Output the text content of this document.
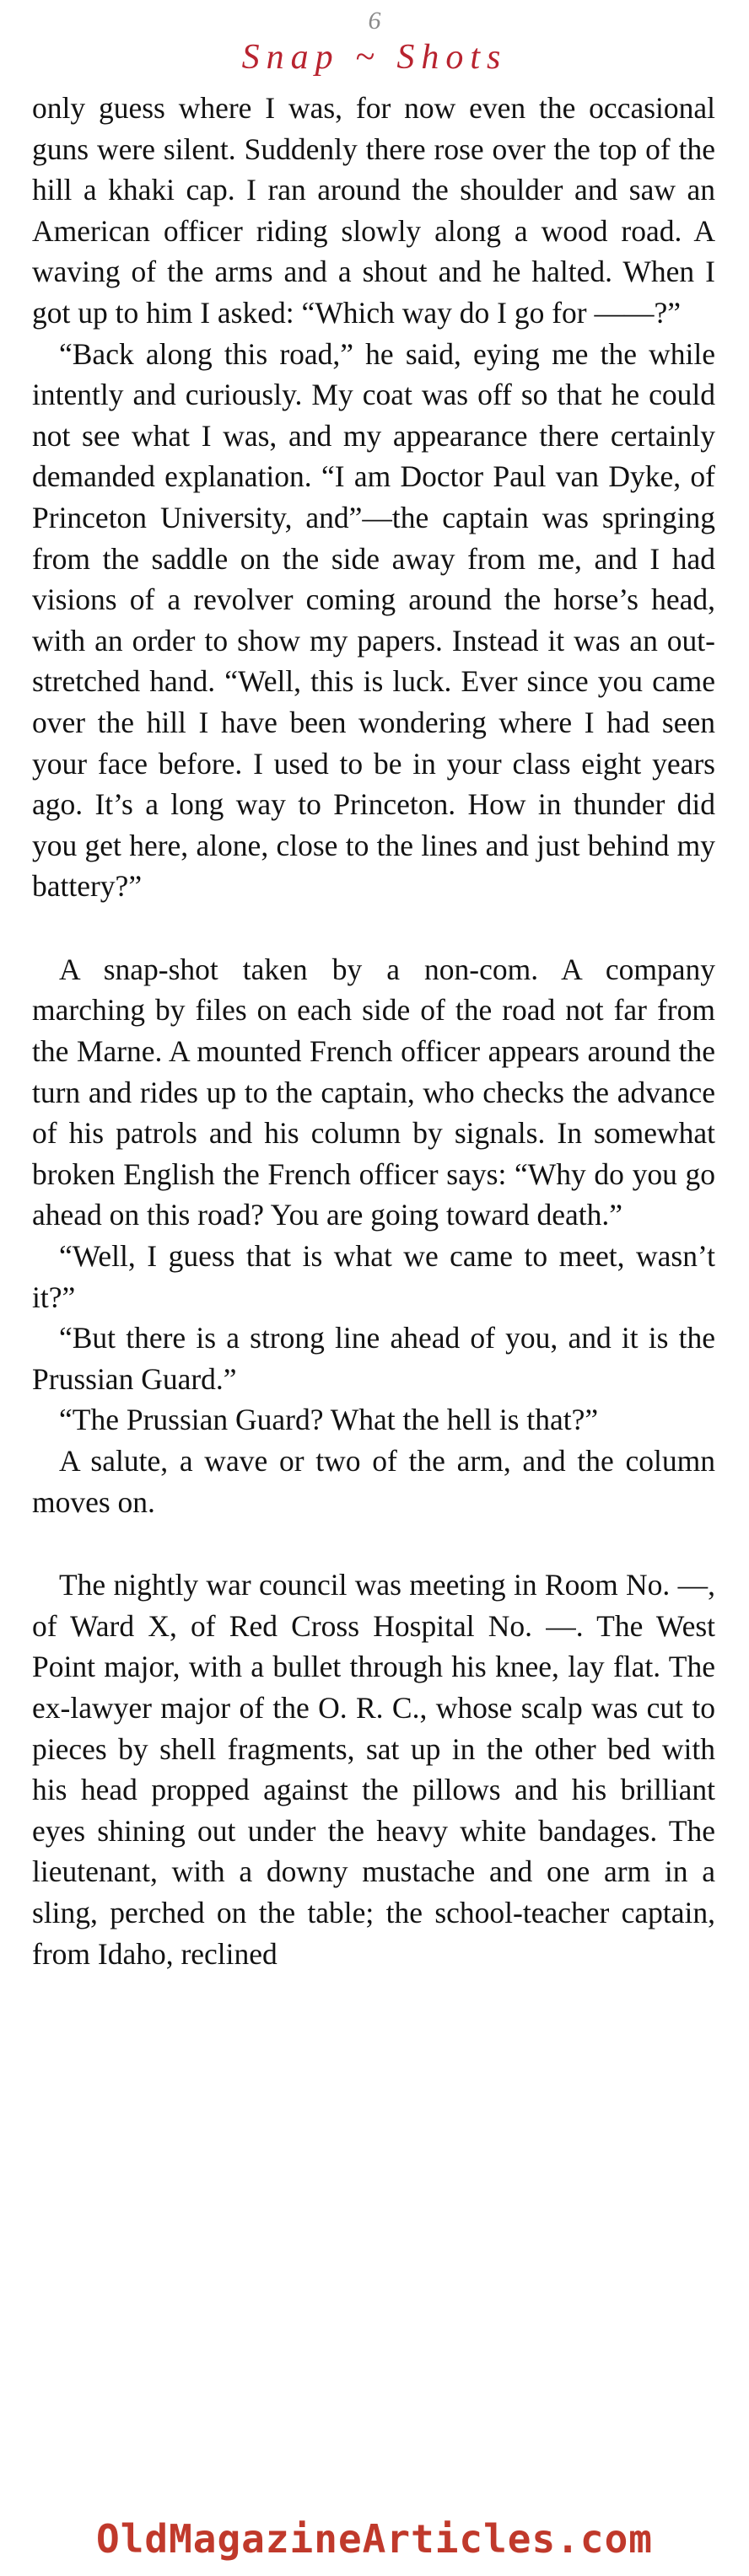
6
Snap ~ Shots

only guess where I was, for now even the occasional guns were silent. Suddenly there rose over the top of the hill a khaki cap. I ran around the shoulder and saw an American officer riding slowly along a wood road. A waving of the arms and a shout and he halted. When I got up to him I asked: “Which way do I go for ——?”

“Back along this road,” he said, eying me the while intently and curiously. My coat was off so that he could not see what I was, and my appearance there certainly demanded explanation. “I am Doctor Paul van Dyke, of Princeton University, and”—the captain was springing from the saddle on the side away from me, and I had visions of a revolver coming around the horse’s head, with an order to show my papers. Instead it was an out-stretched hand. “Well, this is luck. Ever since you came over the hill I have been wondering where I had seen your face before. I used to be in your class eight years ago. It’s a long way to Princeton. How in thunder did you get here, alone, close to the lines and just behind my battery?”

A snap-shot taken by a non-com. A company marching by files on each side of the road not far from the Marne. A mounted French officer appears around the turn and rides up to the captain, who checks the advance of his patrols and his column by signals. In somewhat broken English the French officer says: “Why do you go ahead on this road? You are going toward death.”

“Well, I guess that is what we came to meet, wasn’t it?”

“But there is a strong line ahead of you, and it is the Prussian Guard.”

“The Prussian Guard? What the hell is that?”

A salute, a wave or two of the arm, and the column moves on.

The nightly war council was meeting in Room No. —, of Ward X, of Red Cross Hospital No. —. The West Point major, with a bullet through his knee, lay flat. The ex-lawyer major of the O. R. C., whose scalp was cut to pieces by shell fragments, sat up in the other bed with his head propped against the pillows and his brilliant eyes shining out under the heavy white bandages. The lieutenant, with a downy mustache and one arm in a sling, perched on the table; the school-teacher captain, from Idaho, reclined

OldMagazineArticles.com
